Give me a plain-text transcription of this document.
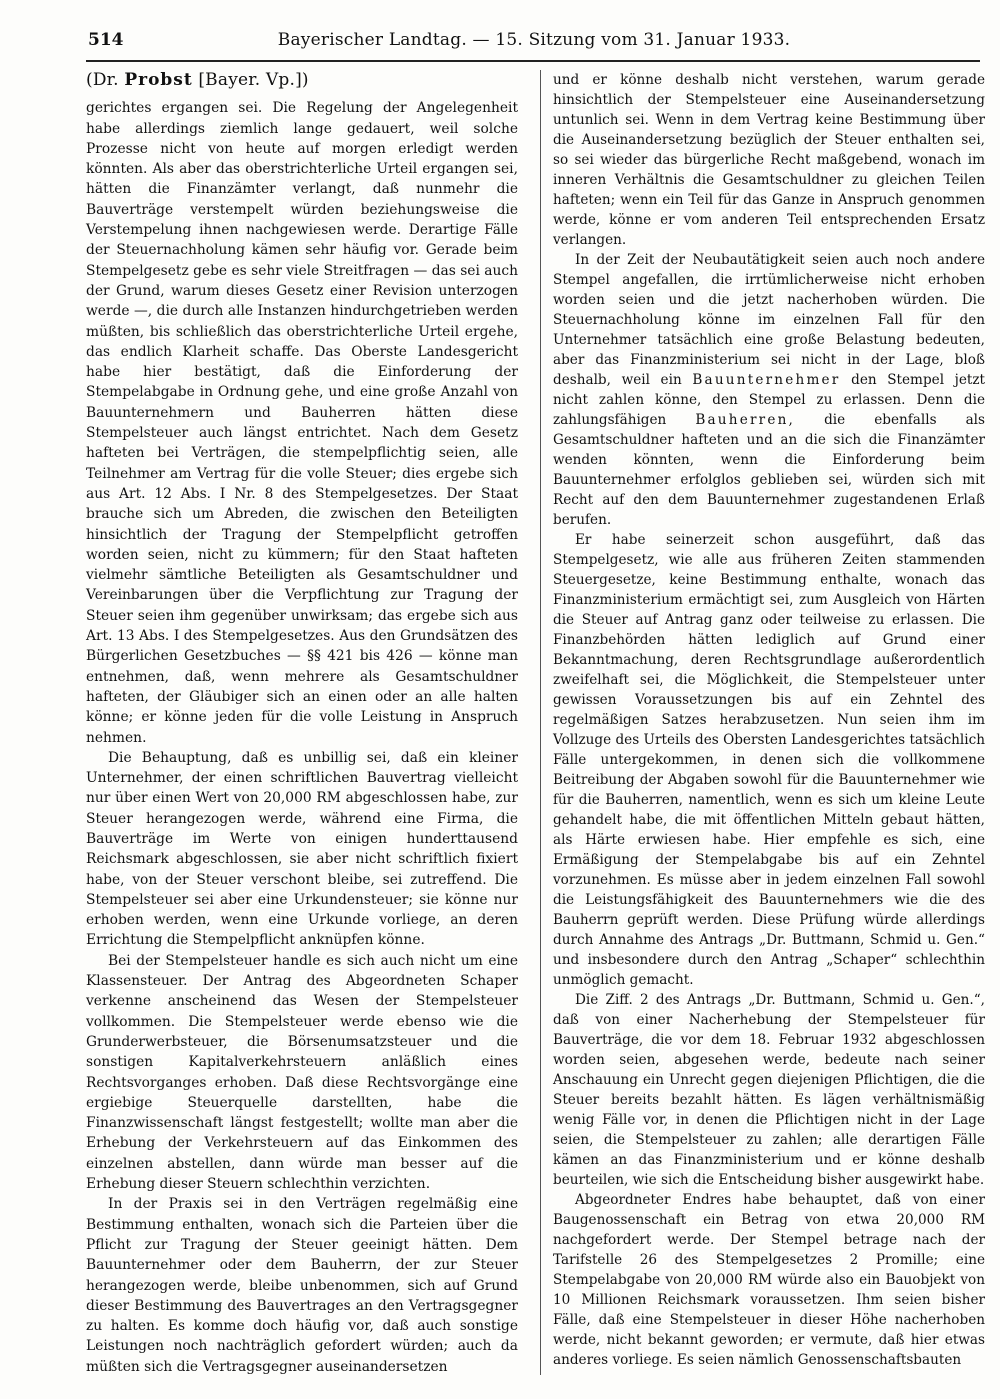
514	Bayerischer Landtag. — 15. Sitzung vom 31. Januar 1933.
(Dr. Probst [Bayer. Vp.])

gerichtes ergangen sei. Die Regelung der Angelegenheit habe allerdings ziemlich lange gedauert, weil solche Prozesse nicht von heute auf morgen erledigt werden könnten. Als aber das oberstrichterliche Urteil ergangen sei, hätten die Finanzämter verlangt, daß nunmehr die Bauverträge verstempelt würden beziehungsweise die Verstempelung ihnen nachgewiesen werde. Derartige Fälle der Steuernachholung kämen sehr häufig vor. Gerade beim Stempelgesetz gebe es sehr viele Streitfragen — das sei auch der Grund, warum dieses Gesetz einer Revision unterzogen werde —, die durch alle Instanzen hindurchgetrieben werden müßten, bis schließlich das oberstrichterliche Urteil ergehe, das endlich Klarheit schaffe. Das Oberste Landesgericht habe hier bestätigt, daß die Einforderung der Stempelabgabe in Ordnung gehe, und eine große Anzahl von Bauunternehmern und Bauherren hätten diese Stempelsteuer auch längst entrichtet. Nach dem Gesetz hafteten bei Verträgen, die stempelpflichtig seien, alle Teilnehmer am Vertrag für die volle Steuer; dies ergebe sich aus Art. 12 Abs. I Nr. 8 des Stempelgesetzes. Der Staat brauche sich um Abreden, die zwischen den Beteiligten hinsichtlich der Tragung der Stempelpflicht getroffen worden seien, nicht zu kümmern; für den Staat hafteten vielmehr sämtliche Beteiligten als Gesamtschuldner und Vereinbarungen über die Verpflichtung zur Tragung der Steuer seien ihm gegenüber unwirksam; das ergebe sich aus Art. 13 Abs. I des Stempelgesetzes. Aus den Grundsätzen des Bürgerlichen Gesetzbuches — §§ 421 bis 426 — könne man entnehmen, daß, wenn mehrere als Gesamtschuldner hafteten, der Gläubiger sich an einen oder an alle halten könne; er könne jeden für die volle Leistung in Anspruch nehmen.

Die Behauptung, daß es unbillig sei, daß ein kleiner Unternehmer, der einen schriftlichen Bauvertrag vielleicht nur über einen Wert von 20,000 RM abgeschlossen habe, zur Steuer herangezogen werde, während eine Firma, die Bauverträge im Werte von einigen hunderttausend Reichsmark abgeschlossen, sie aber nicht schriftlich fixiert habe, von der Steuer verschont bleibe, sei zutreffend. Die Stempelsteuer sei aber eine Urkundensteuer; sie könne nur erhoben werden, wenn eine Urkunde vorliege, an deren Errichtung die Stempelpflicht anknüpfen könne.

Bei der Stempelsteuer handle es sich auch nicht um eine Klassensteuer. Der Antrag des Abgeordneten Schaper verkenne anscheinend das Wesen der Stempelsteuer vollkommen. Die Stempelsteuer werde ebenso wie die Grunderwerbsteuer, die Börsenumsatzsteuer und die sonstigen Kapitalverkehrsteuern anläßlich eines Rechtsvorganges erhoben. Daß diese Rechtsvorgänge eine ergiebige Steuerquelle darstellten, habe die Finanzwissenschaft längst festgestellt; wollte man aber die Erhebung der Verkehrsteuern auf das Einkommen des einzelnen abstellen, dann würde man besser auf die Erhebung dieser Steuern schlechthin verzichten.

In der Praxis sei in den Verträgen regelmäßig eine Bestimmung enthalten, wonach sich die Parteien über die Pflicht zur Tragung der Steuer geeinigt hätten. Dem Bauunternehmer oder dem Bauherrn, der zur Steuer herangezogen werde, bleibe unbenommen, sich auf Grund dieser Bestimmung des Bauvertrages an den Vertragsgegner zu halten. Es komme doch häufig vor, daß auch sonstige Leistungen noch nachträglich gefordert würden; auch da müßten sich die Vertragsgegner auseinandersetzen

und er könne deshalb nicht verstehen, warum gerade hinsichtlich der Stempelsteuer eine Auseinandersetzung untunlich sei. Wenn in dem Vertrag keine Bestimmung über die Auseinandersetzung bezüglich der Steuer enthalten sei, so sei wieder das bürgerliche Recht maßgebend, wonach im inneren Verhältnis die Gesamtschuldner zu gleichen Teilen hafteten; wenn ein Teil für das Ganze in Anspruch genommen werde, könne er vom anderen Teil entsprechenden Ersatz verlangen.

In der Zeit der Neubautätigkeit seien auch noch andere Stempel angefallen, die irrtümlicherweise nicht erhoben worden seien und die jetzt nacherhoben würden. Die Steuernachholung könne im einzelnen Fall für den Unternehmer tatsächlich eine große Belastung bedeuten, aber das Finanzministerium sei nicht in der Lage, bloß deshalb, weil ein Bauunternehmer den Stempel jetzt nicht zahlen könne, den Stempel zu erlassen. Denn die zahlungsfähigen Bauherren, die ebenfalls als Gesamtschuldner hafteten und an die sich die Finanzämter wenden könnten, wenn die Einforderung beim Bauunternehmer erfolglos geblieben sei, würden sich mit Recht auf den dem Bauunternehmer zugestandenen Erlaß berufen.

Er habe seinerzeit schon ausgeführt, daß das Stempelgesetz, wie alle aus früheren Zeiten stammenden Steuergesetze, keine Bestimmung enthalte, wonach das Finanzministerium ermächtigt sei, zum Ausgleich von Härten die Steuer auf Antrag ganz oder teilweise zu erlassen. Die Finanzbehörden hätten lediglich auf Grund einer Bekanntmachung, deren Rechtsgrundlage außerordentlich zweifelhaft sei, die Möglichkeit, die Stempelsteuer unter gewissen Voraussetzungen bis auf ein Zehntel des regelmäßigen Satzes herabzusetzen. Nun seien ihm im Vollzuge des Urteils des Obersten Landesgerichtes tatsächlich Fälle untergekommen, in denen sich die vollkommene Beitreibung der Abgaben sowohl für die Bauunternehmer wie für die Bauherren, namentlich, wenn es sich um kleine Leute gehandelt habe, die mit öffentlichen Mitteln gebaut hätten, als Härte erwiesen habe. Hier empfehle es sich, eine Ermäßigung der Stempelabgabe bis auf ein Zehntel vorzunehmen. Es müsse aber in jedem einzelnen Fall sowohl die Leistungsfähigkeit des Bauunternehmers wie die des Bauherrn geprüft werden. Diese Prüfung würde allerdings durch Annahme des Antrags „Dr. Buttmann, Schmid u. Gen.“ und insbesondere durch den Antrag „Schaper“ schlechthin unmöglich gemacht.

Die Ziff. 2 des Antrags „Dr. Buttmann, Schmid u. Gen.“, daß von einer Nacherhebung der Stempelsteuer für Bauverträge, die vor dem 18. Februar 1932 abgeschlossen worden seien, abgesehen werde, bedeute nach seiner Anschauung ein Unrecht gegen diejenigen Pflichtigen, die die Steuer bereits bezahlt hätten. Es lägen verhältnismäßig wenig Fälle vor, in denen die Pflichtigen nicht in der Lage seien, die Stempelsteuer zu zahlen; alle derartigen Fälle kämen an das Finanzministerium und er könne deshalb beurteilen, wie sich die Entscheidung bisher ausgewirkt habe.

Abgeordneter Endres habe behauptet, daß von einer Baugenossenschaft ein Betrag von etwa 20,000 RM nachgefordert werde. Der Stempel betrage nach der Tarifstelle 26 des Stempelgesetzes 2 Promille; eine Stempelabgabe von 20,000 RM würde also ein Bauobjekt von 10 Millionen Reichsmark voraussetzen. Ihm seien bisher Fälle, daß eine Stempelsteuer in dieser Höhe nacherhoben werde, nicht bekannt geworden; er vermute, daß hier etwas anderes vorliege. Es seien nämlich Genossenschaftsbauten
